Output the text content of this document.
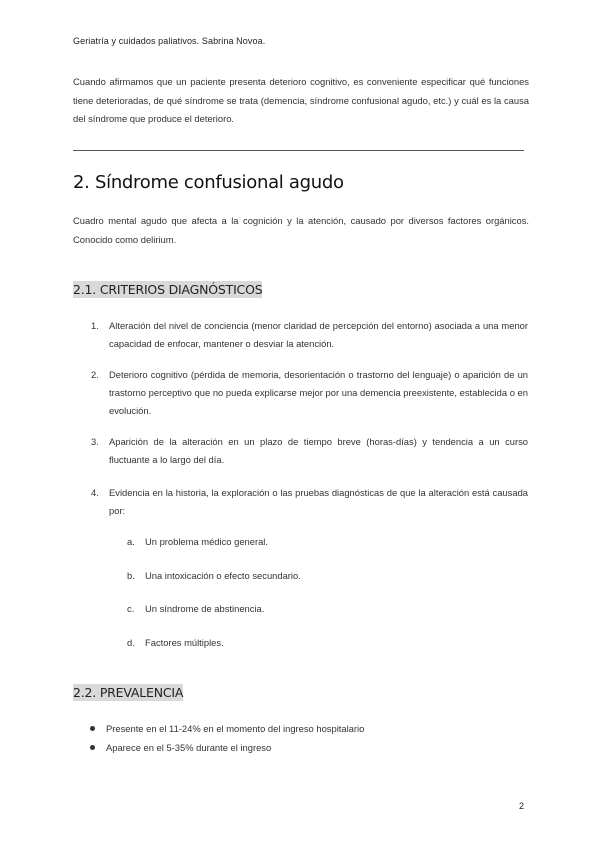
Geriatría y cuidados paliativos. Sabrina Novoa.
Cuando afirmamos que un paciente presenta deterioro cognitivo, es conveniente especificar qué funciones tiene deterioradas, de qué síndrome se trata (demencia, síndrome confusional agudo, etc.) y cuál es la causa del síndrome que produce el deterioro.
2. Síndrome confusional agudo
Cuadro mental agudo que afecta a la cognición y la atención, causado por diversos factores orgánicos. Conocido como delirium.
2.1. CRITERIOS DIAGNÓSTICOS
1.	Alteración del nivel de conciencia (menor claridad de percepción del entorno) asociada a una menor capacidad de enfocar, mantener o desviar la atención.
2.	Deterioro cognitivo (pérdida de memoria, desorientación o trastorno del lenguaje) o aparición de un trastorno perceptivo que no pueda explicarse mejor por una demencia preexistente, establecida o en evolución.
3.	Aparición de la alteración en un plazo de tiempo breve (horas-días) y tendencia a un curso fluctuante a lo largo del día.
4.	Evidencia en la historia, la exploración o las pruebas diagnósticas de que la alteración está causada por:
a. Un problema médico general.
b. Una intoxicación o efecto secundario.
c. Un síndrome de abstinencia.
d. Factores múltiples.
2.2. PREVALENCIA
Presente en el 11-24% en el momento del ingreso hospitalario
Aparece en el 5-35% durante el ingreso
2
